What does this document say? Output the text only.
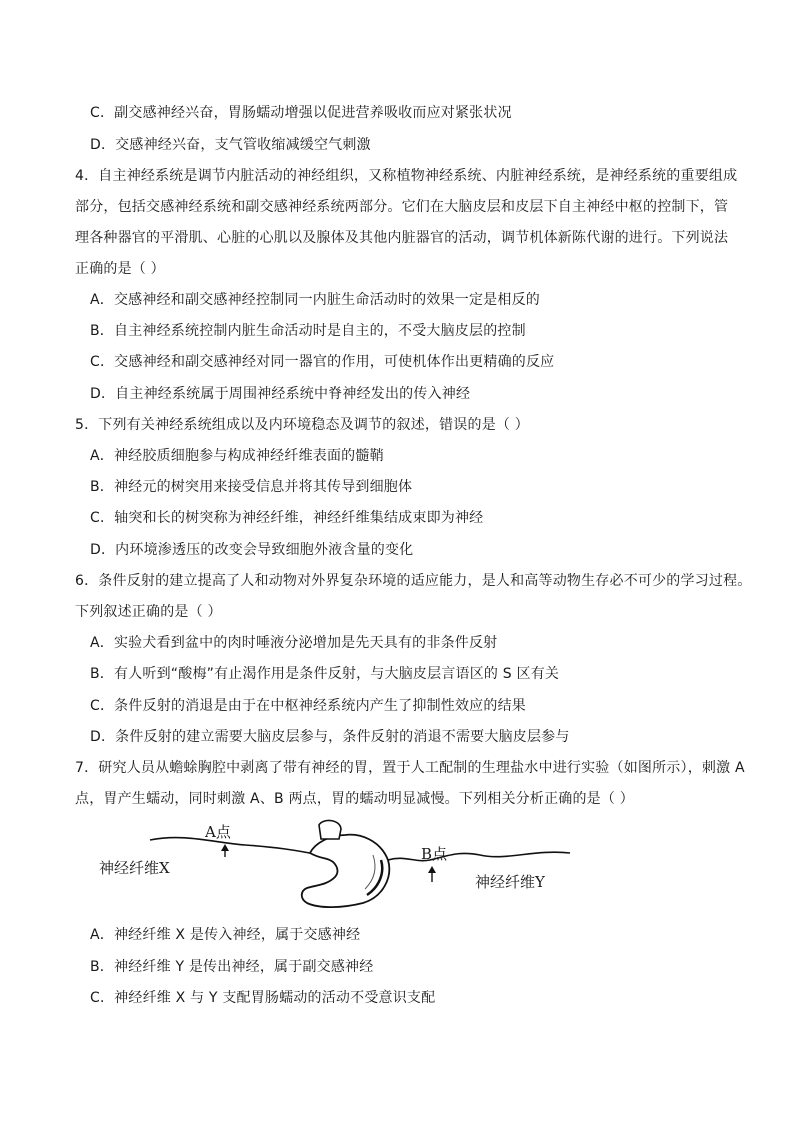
C．副交感神经兴奋，胃肠蠕动增强以促进营养吸收而应对紧张状况
D．交感神经兴奋，支气管收缩减缓空气刺激
4．自主神经系统是调节内脏活动的神经组织，又称植物神经系统、内脏神经系统，是神经系统的重要组成
部分，包括交感神经系统和副交感神经系统两部分。它们在大脑皮层和皮层下自主神经中枢的控制下，管
理各种器官的平滑肌、心脏的心肌以及腺体及其他内脏器官的活动，调节机体新陈代谢的进行。下列说法
正确的是（ ）
A．交感神经和副交感神经控制同一内脏生命活动时的效果一定是相反的
B．自主神经系统控制内脏生命活动时是自主的，不受大脑皮层的控制
C．交感神经和副交感神经对同一器官的作用，可使机体作出更精确的反应
D．自主神经系统属于周围神经系统中脊神经发出的传入神经
5．下列有关神经系统组成以及内环境稳态及调节的叙述，错误的是（ ）
A．神经胶质细胞参与构成神经纤维表面的髓鞘
B．神经元的树突用来接受信息并将其传导到细胞体
C．轴突和长的树突称为神经纤维，神经纤维集结成束即为神经
D．内环境渗透压的改变会导致细胞外液含量的变化
6．条件反射的建立提高了人和动物对外界复杂环境的适应能力，是人和高等动物生存必不可少的学习过程。
下列叙述正确的是（ ）
A．实验犬看到盆中的肉时唾液分泌增加是先天具有的非条件反射
B．有人听到“酸梅”有止渴作用是条件反射，与大脑皮层言语区的 S 区有关
C．条件反射的消退是由于在中枢神经系统内产生了抑制性效应的结果
D．条件反射的建立需要大脑皮层参与，条件反射的消退不需要大脑皮层参与
7．研究人员从蟾蜍胸腔中剥离了带有神经的胃，置于人工配制的生理盐水中进行实验（如图所示），刺激 A
点，胃产生蠕动，同时刺激 A、B 两点，胃的蠕动明显减慢。下列相关分析正确的是（ ）
A点
神经纤维X
B点
神经纤维Y
A．神经纤维 X 是传入神经，属于交感神经
B．神经纤维 Y 是传出神经，属于副交感神经
C．神经纤维 X 与 Y 支配胃肠蠕动的活动不受意识支配
